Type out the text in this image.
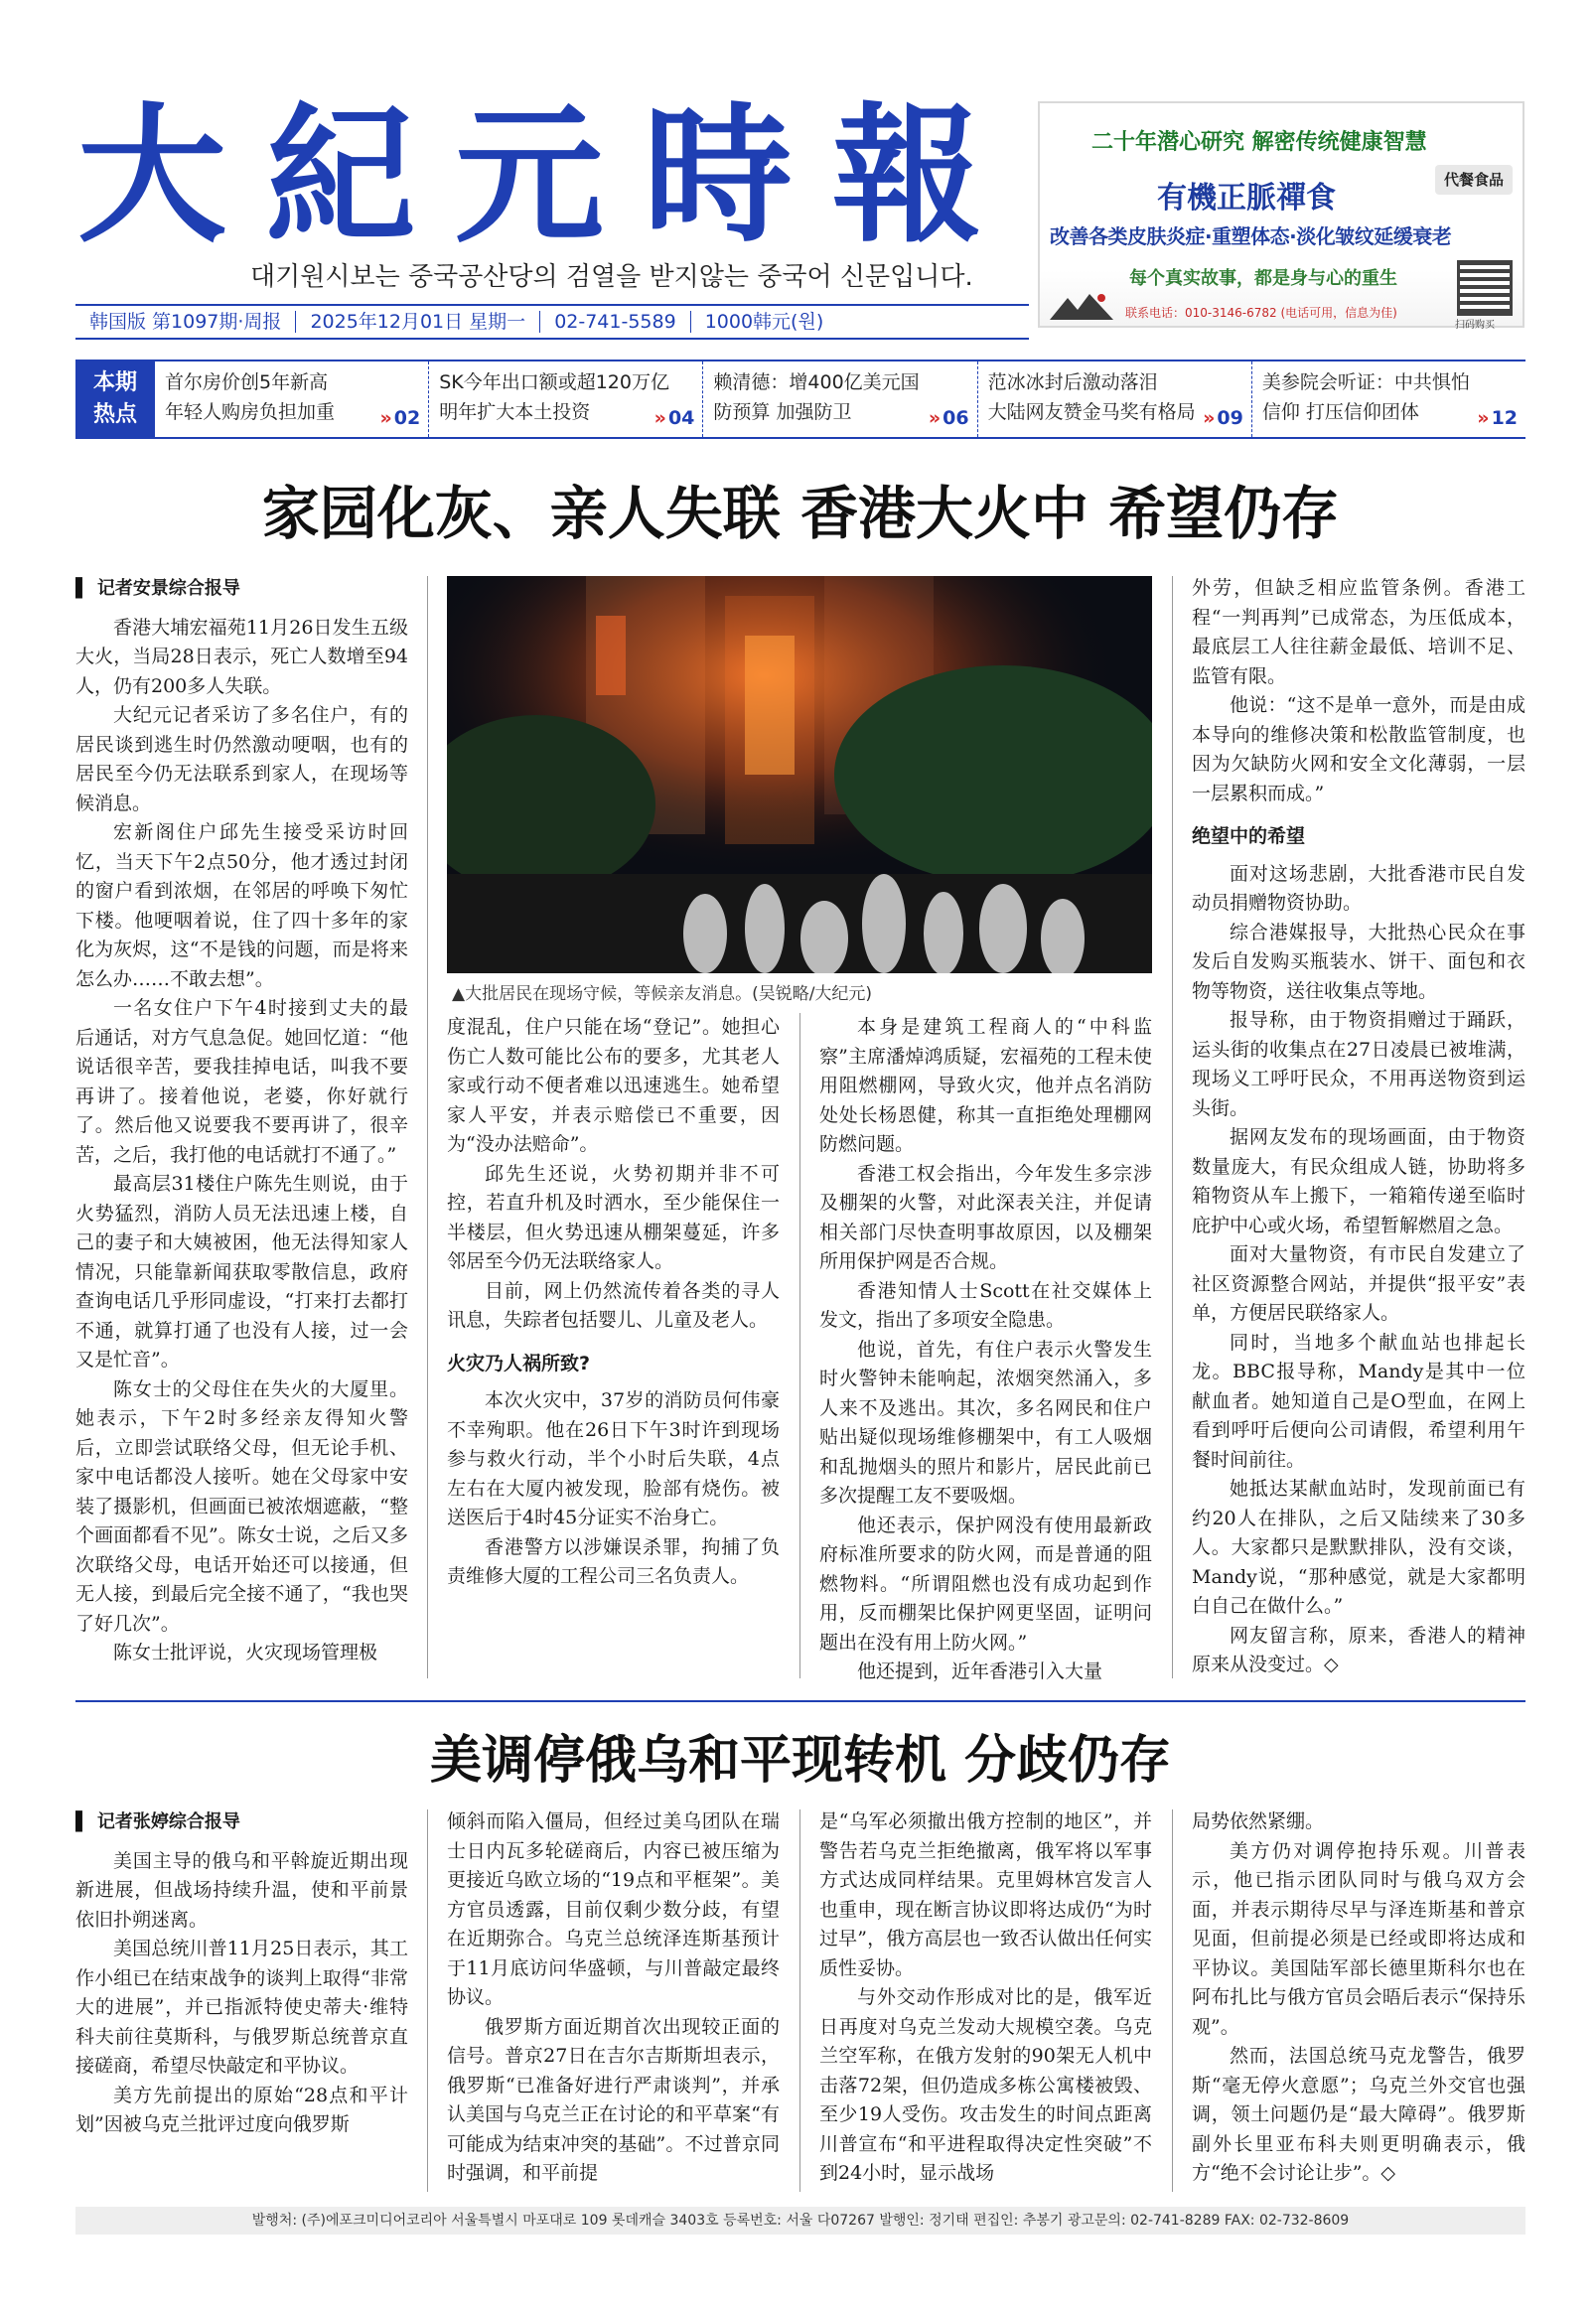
大紀元時報
대기원시보는 중국공산당의 검열을 받지않는 중국어 신문입니다.
二十年潜心研究 解密传统健康智慧
有機正脈禪食
代餐食品
改善各类皮肤炎症·重塑体态·淡化皱纹延缓衰老
每个真实故事，都是身与心的重生
联系电话：010-3146-6782 (电话可用，信息为佳)
扫码购买
韩国版 第1097期·周报	2025年12月01日 星期一	02-741-5589	1000韩元(원)
本期
热点
首尔房价创5年新高
年轻人购房负担加重	» 02
SK今年出口额或超120万亿
明年扩大本土投资	» 04
赖清德：增400亿美元国
防预算 加强防卫	» 06
范冰冰封后激动落泪
大陆网友赞金马奖有格局	» 09
美参院会听证：中共惧怕
信仰 打压信仰团体	» 12
家园化灰、亲人失联 香港大火中 希望仍存

▌ 记者安景综合报导

香港大埔宏福苑11月26日发生五级大火，当局28日表示，死亡人数增至94人，仍有200多人失联。

大纪元记者采访了多名住户，有的居民谈到逃生时仍然激动哽咽，也有的居民至今仍无法联系到家人，在现场等候消息。

宏新阁住户邱先生接受采访时回忆，当天下午2点50分，他才透过封闭的窗户看到浓烟，在邻居的呼唤下匆忙下楼。他哽咽着说，住了四十多年的家化为灰烬，这“不是钱的问题，而是将来怎么办……不敢去想”。

一名女住户下午4时接到丈夫的最后通话，对方气息急促。她回忆道：“他说话很辛苦，要我挂掉电话，叫我不要再讲了。接着他说，老婆，你好就行了。然后他又说要我不要再讲了，很辛苦，之后，我打他的电话就打不通了。”

最高层31楼住户陈先生则说，由于火势猛烈，消防人员无法迅速上楼，自己的妻子和大姨被困，他无法得知家人情况，只能靠新闻获取零散信息，政府查询电话几乎形同虚设，“打来打去都打不通，就算打通了也没有人接，过一会又是忙音”。

陈女士的父母住在失火的大厦里。她表示，下午2时多经亲友得知火警后，立即尝试联络父母，但无论手机、家中电话都没人接听。她在父母家中安装了摄影机，但画面已被浓烟遮蔽，“整个画面都看不见”。陈女士说，之后又多次联络父母，电话开始还可以接通，但无人接，到最后完全接不通了，“我也哭了好几次”。

陈女士批评说，火灾现场管理极

▲大批居民在现场守候，等候亲友消息。(吴锐略/大纪元)

度混乱，住户只能在场“登记”。她担心伤亡人数可能比公布的要多，尤其老人家或行动不便者难以迅速逃生。她希望家人平安，并表示赔偿已不重要，因为“没办法赔命”。

邱先生还说，火势初期并非不可控，若直升机及时洒水，至少能保住一半楼层，但火势迅速从棚架蔓延，许多邻居至今仍无法联络家人。

目前，网上仍然流传着各类的寻人讯息，失踪者包括婴儿、儿童及老人。

火灾乃人祸所致?

本次火灾中，37岁的消防员何伟豪不幸殉职。他在26日下午3时许到现场参与救火行动，半个小时后失联，4点左右在大厦内被发现，脸部有烧伤。被送医后于4时45分证实不治身亡。

香港警方以涉嫌误杀罪，拘捕了负责维修大厦的工程公司三名负责人。

本身是建筑工程商人的“中科监察”主席潘焯鸿质疑，宏福苑的工程未使用阻燃棚网，导致火灾，他并点名消防处处长杨恩健，称其一直拒绝处理棚网防燃问题。

香港工权会指出，今年发生多宗涉及棚架的火警，对此深表关注，并促请相关部门尽快查明事故原因，以及棚架所用保护网是否合规。

香港知情人士Scott在社交媒体上发文，指出了多项安全隐患。

他说，首先，有住户表示火警发生时火警钟未能响起，浓烟突然涌入，多人来不及逃出。其次，多名网民和住户贴出疑似现场维修棚架中，有工人吸烟和乱抛烟头的照片和影片，居民此前已多次提醒工友不要吸烟。

他还表示，保护网没有使用最新政府标准所要求的防火网，而是普通的阻燃物料。“所谓阻燃也没有成功起到作用，反而棚架比保护网更坚固，证明问题出在没有用上防火网。”

他还提到，近年香港引入大量

外劳，但缺乏相应监管条例。香港工程“一判再判”已成常态，为压低成本，最底层工人往往薪金最低、培训不足、监管有限。

他说：“这不是单一意外，而是由成本导向的维修决策和松散监管制度，也因为欠缺防火网和安全文化薄弱，一层一层累积而成。”

绝望中的希望

面对这场悲剧，大批香港市民自发动员捐赠物资协助。

综合港媒报导，大批热心民众在事发后自发购买瓶装水、饼干、面包和衣物等物资，送往收集点等地。

报导称，由于物资捐赠过于踊跃，运头街的收集点在27日凌晨已被堆满，现场义工呼吁民众，不用再送物资到运头街。

据网友发布的现场画面，由于物资数量庞大，有民众组成人链，协助将多箱物资从车上搬下，一箱箱传递至临时庇护中心或火场，希望暂解燃眉之急。

面对大量物资，有市民自发建立了社区资源整合网站，并提供“报平安”表单，方便居民联络家人。

同时，当地多个献血站也排起长龙。BBC报导称，Mandy是其中一位献血者。她知道自己是O型血，在网上看到呼吁后便向公司请假，希望利用午餐时间前往。

她抵达某献血站时，发现前面已有约20人在排队，之后又陆续来了30多人。大家都只是默默排队，没有交谈，Mandy说，“那种感觉，就是大家都明白自己在做什么。”

网友留言称，原来，香港人的精神原来从没变过。◇

美调停俄乌和平现转机 分歧仍存

▌ 记者张婷综合报导

美国主导的俄乌和平斡旋近期出现新进展，但战场持续升温，使和平前景依旧扑朔迷离。

美国总统川普11月25日表示，其工作小组已在结束战争的谈判上取得“非常大的进展”，并已指派特使史蒂夫·维特科夫前往莫斯科，与俄罗斯总统普京直接磋商，希望尽快敲定和平协议。

美方先前提出的原始“28点和平计划”因被乌克兰批评过度向俄罗斯

倾斜而陷入僵局，但经过美乌团队在瑞士日内瓦多轮磋商后，内容已被压缩为更接近乌欧立场的“19点和平框架”。美方官员透露，目前仅剩少数分歧，有望在近期弥合。乌克兰总统泽连斯基预计于11月底访问华盛顿，与川普敲定最终协议。

俄罗斯方面近期首次出现较正面的信号。普京27日在吉尔吉斯斯坦表示，俄罗斯“已准备好进行严肃谈判”，并承认美国与乌克兰正在讨论的和平草案“有可能成为结束冲突的基础”。不过普京同时强调，和平前提

是“乌军必须撤出俄方控制的地区”，并警告若乌克兰拒绝撤离，俄军将以军事方式达成同样结果。克里姆林宫发言人也重申，现在断言协议即将达成仍“为时过早”，俄方高层也一致否认做出任何实质性妥协。

与外交动作形成对比的是，俄军近日再度对乌克兰发动大规模空袭。乌克兰空军称，在俄方发射的90架无人机中击落72架，但仍造成多栋公寓楼被毁、至少19人受伤。攻击发生的时间点距离川普宣布“和平进程取得决定性突破”不到24小时，显示战场

局势依然紧绷。

美方仍对调停抱持乐观。川普表示，他已指示团队同时与俄乌双方会面，并表示期待尽早与泽连斯基和普京见面，但前提必须是已经或即将达成和平协议。美国陆军部长德里斯科尔也在阿布扎比与俄方官员会晤后表示“保持乐观”。

然而，法国总统马克龙警告，俄罗斯“毫无停火意愿”；乌克兰外交官也强调，领土问题仍是“最大障碍”。俄罗斯副外长里亚布科夫则更明确表示，俄方“绝不会讨论让步”。◇

발행처: (주)에포크미디어코리아 서울특별시 마포대로 109 롯데캐슬 3403호 등록번호: 서울 다07267 발행인: 정기태 편집인: 추봉기 광고문의: 02-741-8289 FAX: 02-732-8609
